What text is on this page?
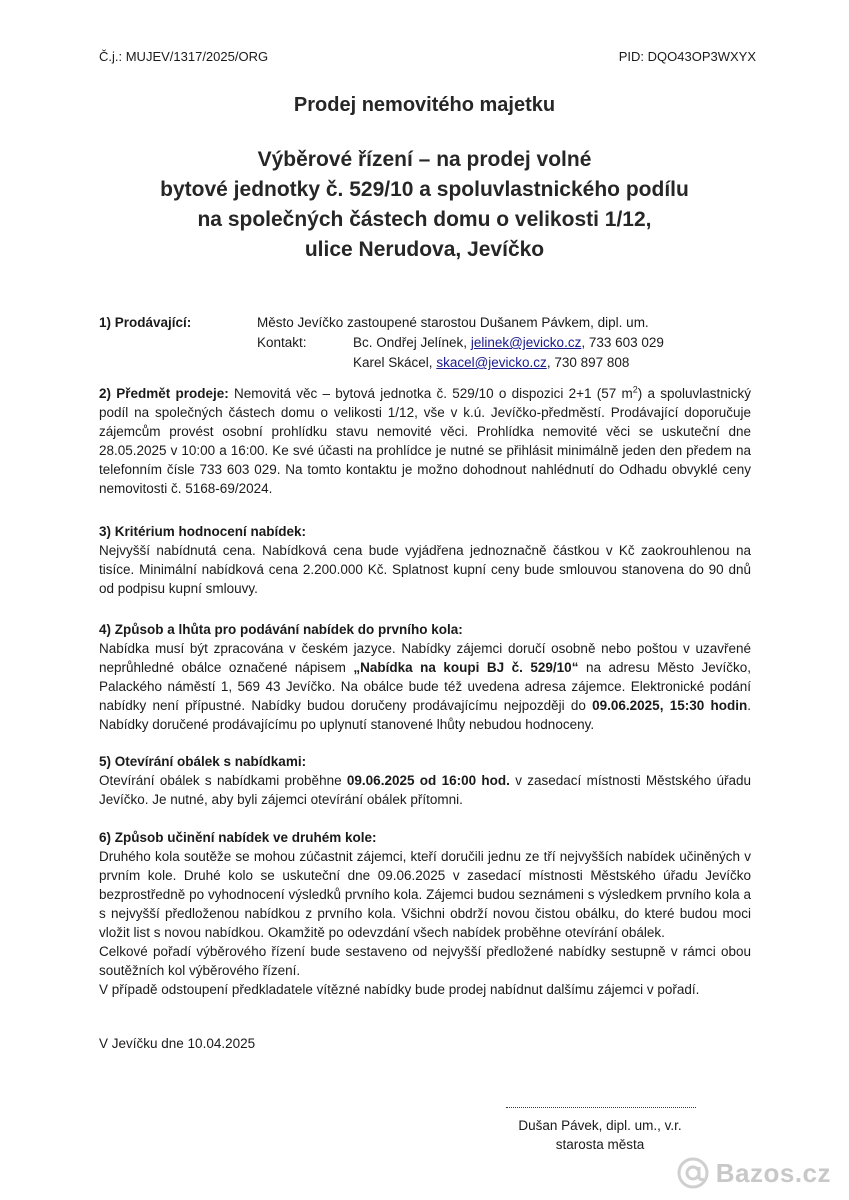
Č.j.: MUJEV/1317/2025/ORG	PID: DQO43OP3WXYX
Prodej nemovitého majetku
Výběrové řízení – na prodej volné
bytové jednotky č. 529/10 a spoluvlastnického podílu
na společných částech domu o velikosti 1/12,
ulice Nerudova, Jevíčko
1) Prodávající:	Město Jevíčko zastoupené starostou Dušanem Pávkem, dipl. um.
Kontakt:	Bc. Ondřej Jelínek, jelinek@jevicko.cz, 733 603 029
Karel Skácel, skacel@jevicko.cz, 730 897 808

2) Předmět prodeje: Nemovitá věc – bytová jednotka č. 529/10 o dispozici 2+1 (57 $m^2$) a spoluvlastnický podíl na společných částech domu o velikosti 1/12, vše v k.ú. Jevíčko-předměstí. Prodávající doporučuje zájemcům provést osobní prohlídku stavu nemovité věci. Prohlídka nemovité věci se uskuteční dne 28.05.2025 v 10:00 a 16:00. Ke své účasti na prohlídce je nutné se přihlásit minimálně jeden den předem na telefonním čísle 733 603 029. Na tomto kontaktu je možno dohodnout nahlédnutí do Odhadu obvyklé ceny nemovitosti č. 5168-69/2024.

3) Kritérium hodnocení nabídek:

Nejvyšší nabídnutá cena. Nabídková cena bude vyjádřena jednoznačně částkou v Kč zaokrouhlenou na tisíce. Minimální nabídková cena 2.200.000 Kč. Splatnost kupní ceny bude smlouvou stanovena do 90 dnů od podpisu kupní smlouvy.

4) Způsob a lhůta pro podávání nabídek do prvního kola:

Nabídka musí být zpracována v českém jazyce. Nabídky zájemci doručí osobně nebo poštou v uzavřené neprůhledné obálce označené nápisem „Nabídka na koupi BJ č. 529/10“ na adresu Město Jevíčko, Palackého náměstí 1, 569 43 Jevíčko. Na obálce bude též uvedena adresa zájemce. Elektronické podání nabídky není přípustné. Nabídky budou doručeny prodávajícímu nejpozději do 09.06.2025, 15:30 hodin. Nabídky doručené prodávajícímu po uplynutí stanovené lhůty nebudou hodnoceny.

5) Otevírání obálek s nabídkami:

Otevírání obálek s nabídkami proběhne 09.06.2025 od 16:00 hod. v zasedací místnosti Městského úřadu Jevíčko. Je nutné, aby byli zájemci otevírání obálek přítomni.

6) Způsob učinění nabídek ve druhém kole:

Druhého kola soutěže se mohou zúčastnit zájemci, kteří doručili jednu ze tří nejvyšších nabídek učiněných v prvním kole. Druhé kolo se uskuteční dne 09.06.2025 v zasedací místnosti Městského úřadu Jevíčko bezprostředně po vyhodnocení výsledků prvního kola. Zájemci budou seznámeni s výsledkem prvního kola a s nejvyšší předloženou nabídkou z prvního kola. Všichni obdrží novou čistou obálku, do které budou moci vložit list s novou nabídkou. Okamžitě po odevzdání všech nabídek proběhne otevírání obálek.

Celkové pořadí výběrového řízení bude sestaveno od nejvyšší předložené nabídky sestupně v rámci obou soutěžních kol výběrového řízení.

V případě odstoupení předkladatele vítězné nabídky bude prodej nabídnut dalšímu zájemci v pořadí.

V Jevíčku dne 10.04.2025
Dušan Pávek, dipl. um., v.r.
starosta města
Bazos.cz
